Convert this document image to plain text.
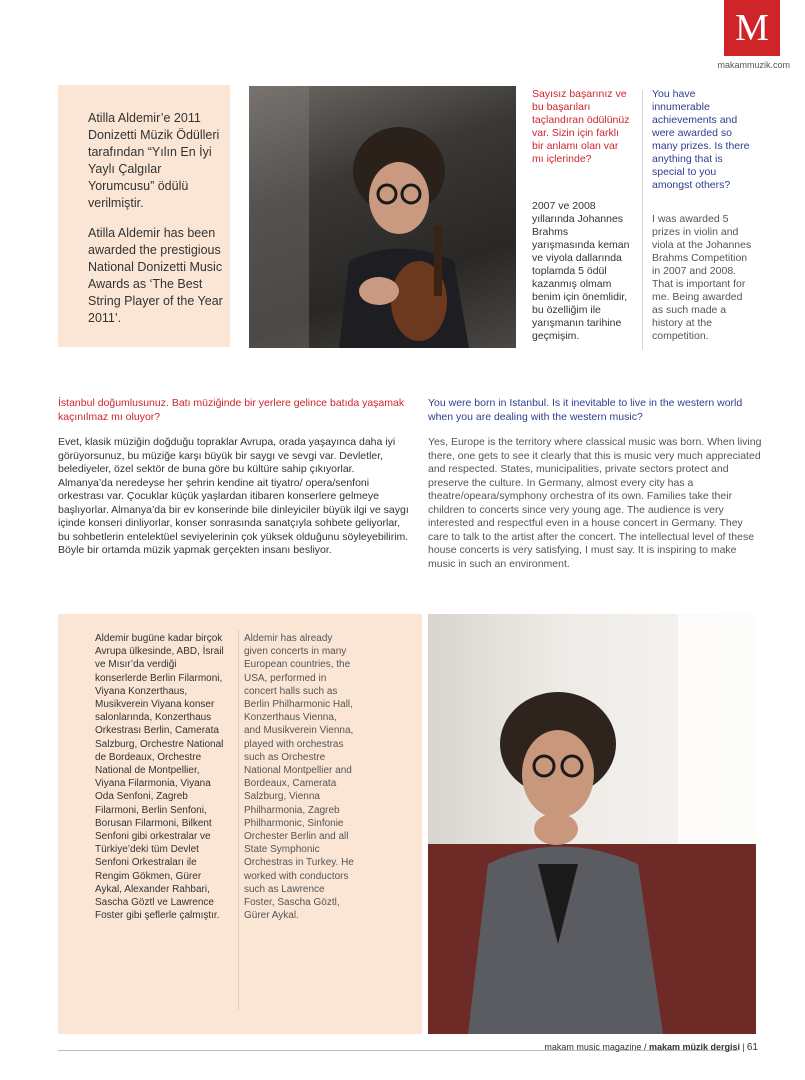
M
makammuzik.com

Atilla Aldemir’e 2011 Donizetti Müzik Ödülleri tarafından “Yılın En İyi Yaylı Çalgılar Yorumcusu” ödülü verilmiştir.

Atilla Aldemir has been awarded the prestigious National Donizetti Music Awards as ‘The Best String Player of the Year 2011’.

Sayısız başarınız ve bu başarıları taçlandıran ödülünüz var. Sizin için farklı bir anlamı olan var mı içlerinde?
2007 ve 2008 yıllarında Johannes Brahms yarışmasında keman ve viyola dallarında toplamda 5 ödül kazanmış olmam benim için önemlidir, bu özelliğim ile yarışmanın tarihine geçmişim.
You have innumerable achievements and were awarded so many prizes. Is there anything that is special to you amongst others?
I was awarded 5 prizes in violin and viola at the Johannes Brahms Competition in 2007 and 2008. That is important for me. Being awarded as such made a history at the competition.
İstanbul doğumlusunuz. Batı müziğinde bir yerlere gelince batıda yaşamak kaçınılmaz mı oluyor?
Evet, klasik müziğin doğduğu topraklar Avrupa, orada yaşayınca daha iyi görüyorsunuz, bu müziğe karşı büyük bir saygı ve sevgi var. Devletler, belediyeler, özel sektör de buna göre bu kültüre sahip çıkıyorlar. Almanya’da neredeyse her şehrin kendine ait tiyatro/ opera/senfoni orkestrası var. Çocuklar küçük yaşlardan itibaren konserlere gelmeye başlıyorlar. Almanya’da bir ev konserinde bile dinleyiciler büyük ilgi ve saygı içinde konseri dinliyorlar, konser sonrasında sanatçıyla sohbete geliyorlar, bu sohbetlerin entelektüel seviyelerinin çok yüksek olduğunu söyleyebilirim. Böyle bir ortamda müzik yapmak gerçekten insanı besliyor.
You were born in Istanbul. Is it inevitable to live in the western world when you are dealing with the western music?
Yes, Europe is the territory where classical music was born. When living there, one gets to see it clearly that this is music very much appreciated and respected. States, municipalities, private sectors protect and preserve the culture. In Germany, almost every city has a theatre/opeara/symphony orchestra of its own. Families take their children to concerts since very young age. The audience is very interested and respectful even in a house concert in Germany. They care to talk to the artist after the concert. The intellectual level of these house concerts is very satisfying, I must say. It is inspiring to make music in such an environment.
Aldemir bugüne kadar birçok Avrupa ülkesinde, ABD, İsrail ve Mısır’da verdiği konserlerde Berlin Filarmoni, Viyana Konzerthaus, Musikverein Viyana konser salonlarında, Konzerthaus Orkestrası Berlin, Camerata Salzburg, Orchestre National de Bordeaux, Orchestre National de Montpellier, Viyana Filarmonia, Viyana Oda Senfoni, Zagreb Filarmoni, Berlin Senfoni, Borusan Filarmoni, Bilkent Senfoni gibi orkestralar ve Türkiye’deki tüm Devlet Senfoni Orkestraları ile Rengim Gökmen, Gürer Aykal, Alexander Rahbari, Sascha Göztl ve Lawrence Foster gibi şeflerle çalmıştır.
Aldemir has already given concerts in many European countries, the USA, performed in concert halls such as Berlin Philharmonic Hall, Konzerthaus Vienna, and Musikverein Vienna, played with orchestras such as Orchestre National Montpellier and Bordeaux, Camerata Salzburg, Vienna Philharmonia, Zagreb Philharmonic, Sinfonie Orchester Berlin and all State Symphonic Orchestras in Turkey. He worked with conductors such as Lawrence Foster, Sascha Göztl, Gürer Aykal.
makam music magazine / makam müzik dergisi | 61
